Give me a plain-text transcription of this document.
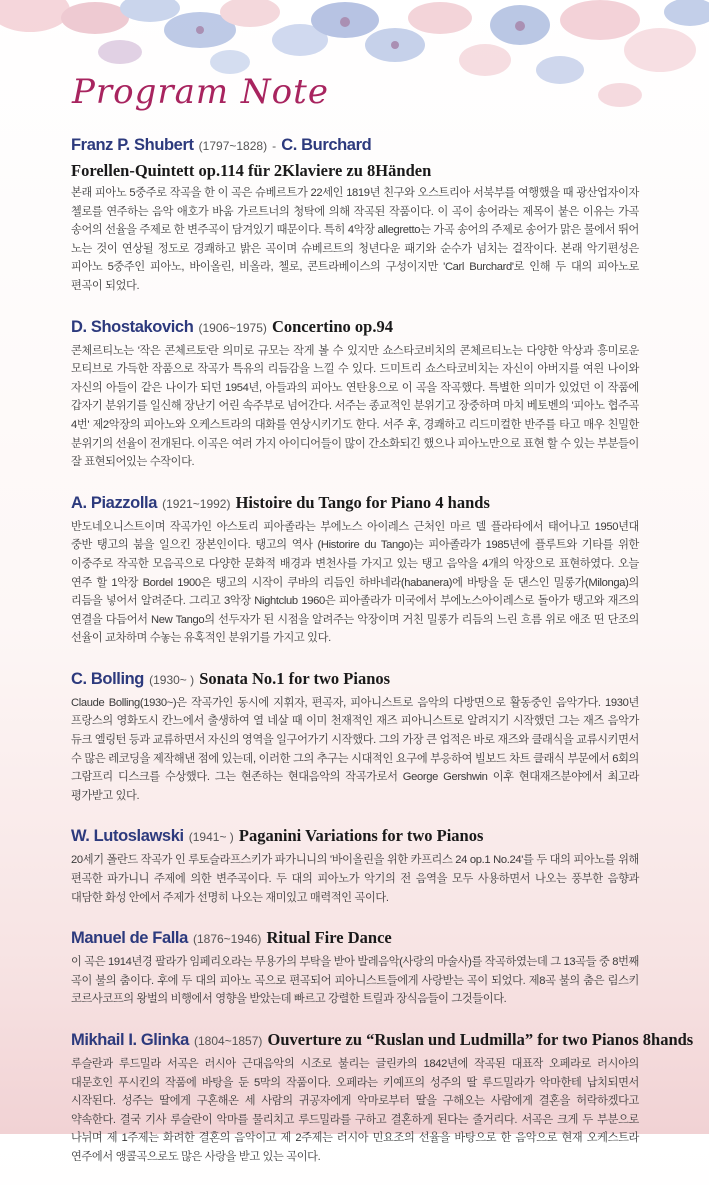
Program Note
Franz P. Shubert (1797~1828) - C. Burchard
Forellen-Quintett op.114 für 2Klaviere zu 8Händen

본래 피아노 5중주로 작곡을 한 이 곡은 슈베르트가 22세인 1819년 친구와 오스트리아 서북부를 여행했을 때 광산업자이자 첼로를 연주하는 음악 애호가 바움 가르트너의 청탁에 의해 작곡된 작품이다. 이 곡이 송어라는 제목이 붙은 이유는 가곡 송어의 선율을 주제로 한 변주곡이 담겨있기 때문이다. 특히 4악장 allegretto는 가곡 송어의 주제로 송어가 맑은 물에서 뛰어 노는 것이 연상될 정도로 경쾌하고 밝은 곡이며 슈베르트의 청년다운 패기와 순수가 넘치는 걸작이다. 본래 악기편성은 피아노 5중주인 피아노, 바이올린, 비올라, 첼로, 콘트라베이스의 구성이지만 'Carl Burchard'로 인해 두 대의 피아노로 편곡이 되었다.

D. Shostakovich (1906~1975) Concertino op.94

콘체르티노는 '작은 콘체르토'란 의미로 규모는 작게 볼 수 있지만 쇼스타코비치의 콘체르티노는 다양한 악상과 흥미로운 모티브로 가득한 작품으로 작곡가 특유의 리듬감을 느낄 수 있다. 드미트리 쇼스타코비치는 자신이 아버지를 여읜 나이와 자신의 아들이 같은 나이가 되던 1954년, 아들과의 피아노 연탄용으로 이 곡을 작곡했다. 특별한 의미가 있었던 이 작품에 갑자기 분위기를 일신해 장난기 어린 속주부로 넘어간다. 서주는 종교적인 분위기고 장중하며 마치 베토벤의 '피아노 협주곡 4번' 제2악장의 피아노와 오케스트라의 대화를 연상시키기도 한다. 서주 후, 경쾌하고 리드미컬한 반주를 타고 매우 친밀한 분위기의 선율이 전개된다. 이곡은 여러 가지 아이디어들이 많이 간소화되긴 했으나 피아노만으로 표현 할 수 있는 부분들이 잘 표현되어있는 수작이다.

A. Piazzolla (1921~1992) Histoire du Tango for Piano 4 hands

반도네오니스트이며 작곡가인 아스토리 피아졸라는 부에노스 아이레스 근처인 마르 델 플라타에서 태어나고 1950년대 중반 탱고의 붐을 일으킨 장본인이다. 탱고의 역사 (Historire du Tango)는 피아졸라가 1985년에 플루트와 기타를 위한 이중주로 작곡한 모음곡으로 다양한 문화적 배경과 변천사를 가지고 있는 탱고 음악을 4개의 악장으로 표현하였다. 오늘 연주 할 1악장 Bordel 1900은 탱고의 시작이 쿠바의 리듬인 하바네라(habanera)에 바탕을 둔 댄스인 밀롱가(Milonga)의 리듬을 넣어서 알려준다. 그리고 3악장 Nightclub 1960은 피아졸라가 미국에서 부에노스아이레스로 돌아가 탱고와 재즈의 연결을 다듬어서 New Tango의 선두자가 된 시점을 알려주는 악장이며 거친 밀롱가 리듬의 느린 흐름 위로 애조 띤 단조의 선율이 교차하며 수놓는 유혹적인 분위기를 가지고 있다.

C. Bolling (1930~ ) Sonata No.1 for two Pianos

Claude Bolling(1930~)은 작곡가인 동시에 지휘자, 편곡자, 피아니스트로 음악의 다방면으로 활동중인 음악가다. 1930년 프랑스의 영화도시 칸느에서 출생하여 열 네살 때 이미 천재적인 재즈 피아니스트로 알려지기 시작했던 그는 재즈 음악가 듀크 엘링턴 등과 교류하면서 자신의 영역을 일구어가기 시작했다. 그의 가장 큰 업적은 바로 재즈와 클래식을 교류시키면서 수 많은 레코딩을 제작해낸 점에 있는데, 이러한 그의 추구는 시대적인 요구에 부응하여 빌보드 차트 클래식 부문에서 6회의 그람프리 디스크를 수상했다. 그는 현존하는 현대음악의 작곡가로서 George Gershwin 이후 현대재즈분야에서 최고라 평가받고 있다.

W. Lutoslawski (1941~ ) Paganini Variations for two Pianos

20세기 폴란드 작곡가 인 루토슬라프스키가 파가니니의 '바이올린을 위한 카프리스 24 op.1 No.24'를 두 대의 피아노를 위해 편곡한 파가니니 주제에 의한 변주곡이다. 두 대의 피아노가 악기의 전 음역을 모두 사용하면서 나오는 풍부한 음향과 대담한 화성 안에서 주제가 선명히 나오는 재미있고 매력적인 곡이다.

Manuel de Falla (1876~1946) Ritual Fire Dance

이 곡은 1914년경 팔라가 임페리오라는 무용가의 부탁을 받아 발레음악(사랑의 마술사)를 작곡하였는데 그 13곡들 중 8번째 곡이 불의 춤이다. 후에 두 대의 피아노 곡으로 편곡되어 피아니스트들에게 사랑받는 곡이 되었다. 제8곡 불의 춤은 림스키 코르사코프의 왕벌의 비행에서 영향을 받았는데 빠르고 강렬한 트릴과 장식음들이 그것들이다.

Mikhail I. Glinka (1804~1857) Ouverture zu “Ruslan und Ludmilla” for two Pianos 8hands

루슬란과 루드밀라 서곡은 러시아 근대음악의 시조로 불리는 글린카의 1842년에 작곡된 대표작 오페라로 러시아의 대문호인 푸시킨의 작품에 바탕을 둔 5막의 작품이다. 오페라는 키예프의 성주의 딸 루드밀라가 악마한테 납치되면서 시작된다. 성주는 딸에게 구혼해온 세 사람의 귀공자에게 악마로부터 딸을 구해오는 사람에게 결혼을 허락하겠다고 약속한다. 결국 기사 루슬란이 악마를 물리치고 루드밀라를 구하고 결혼하게 된다는 줄거리다. 서곡은 크게 두 부분으로 나뉘며 제 1주제는 화려한 결혼의 음악이고 제 2주제는 러시아 민요조의 선율을 바탕으로 한 음악으로 현재 오케스트라 연주에서 앵콜곡으로도 많은 사랑을 받고 있는 곡이다.
